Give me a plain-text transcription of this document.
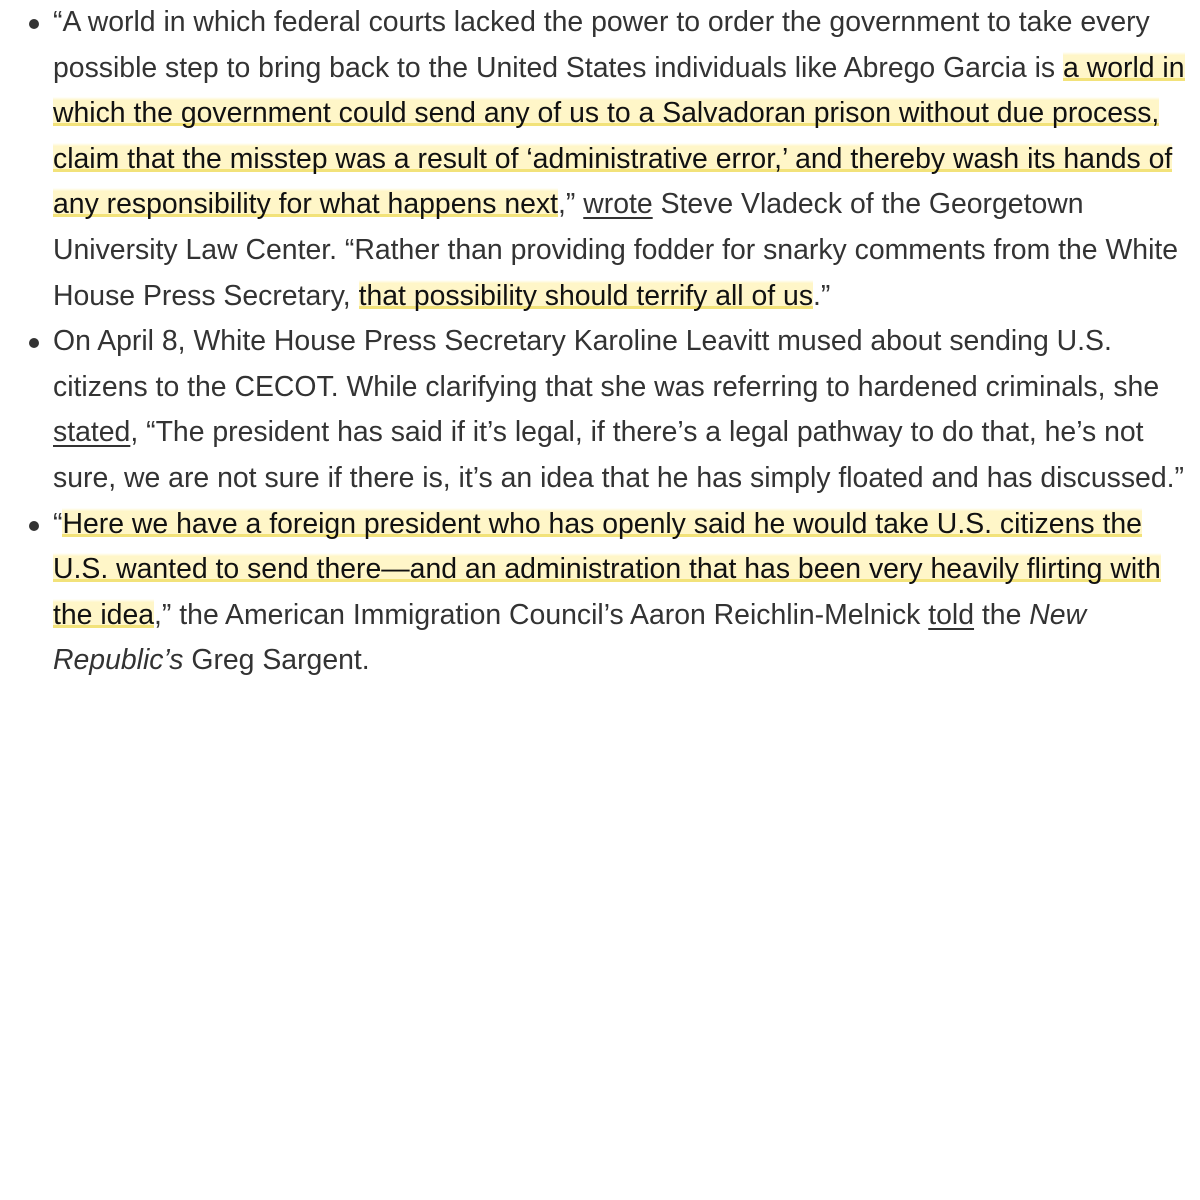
“A world in which federal courts lacked the power to order the government to take every possible step to bring back to the United States individuals like Abrego Garcia is a world in which the government could send any of us to a Salvadoran prison without due process, claim that the misstep was a result of ‘administrative error,’ and thereby wash its hands of any responsibility for what happens next,” wrote Steve Vladeck of the Georgetown University Law Center. “Rather than providing fodder for snarky comments from the White House Press Secretary, that possibility should terrify all of us.”
On April 8, White House Press Secretary Karoline Leavitt mused about sending U.S. citizens to the CECOT. While clarifying that she was referring to hardened criminals, she stated, “The president has said if it’s legal, if there’s a legal pathway to do that, he’s not sure, we are not sure if there is, it’s an idea that he has simply floated and has discussed.”
“Here we have a foreign president who has openly said he would take U.S. citizens the U.S. wanted to send there—and an administration that has been very heavily flirting with the idea,” the American Immigration Council’s Aaron Reichlin-Melnick told the New Republic’s Greg Sargent.
